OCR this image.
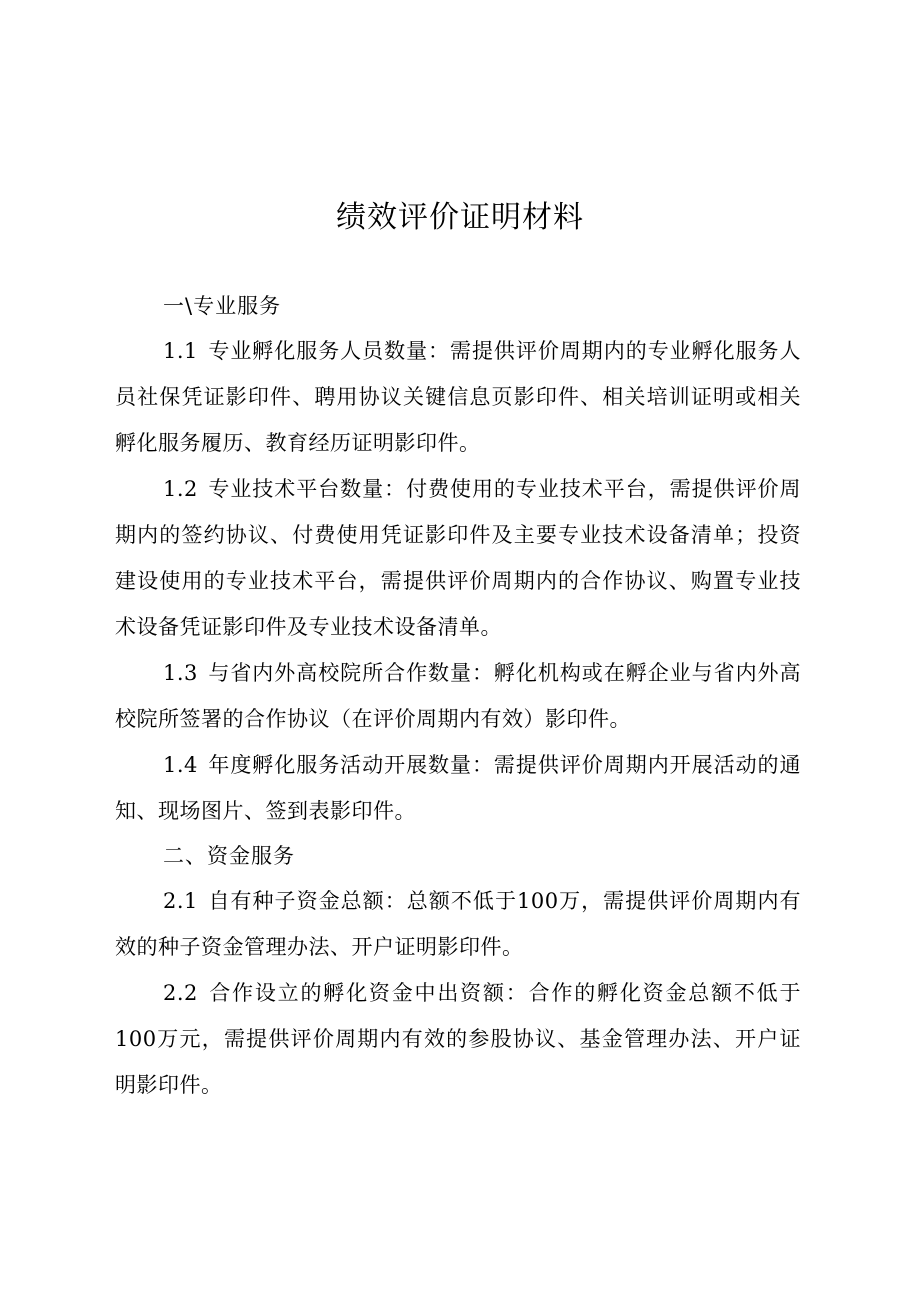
绩效评价证明材料
一\专业服务

1.1 专业孵化服务人员数量：需提供评价周期内的专业孵化服务人员社保凭证影印件、聘用协议关键信息页影印件、相关培训证明或相关孵化服务履历、教育经历证明影印件。

1.2 专业技术平台数量：付费使用的专业技术平台，需提供评价周期内的签约协议、付费使用凭证影印件及主要专业技术设备清单；投资建设使用的专业技术平台，需提供评价周期内的合作协议、购置专业技术设备凭证影印件及专业技术设备清单。

1.3 与省内外高校院所合作数量：孵化机构或在孵企业与省内外高校院所签署的合作协议（在评价周期内有效）影印件。

1.4 年度孵化服务活动开展数量：需提供评价周期内开展活动的通知、现场图片、签到表影印件。

二、资金服务

2.1 自有种子资金总额：总额不低于100万，需提供评价周期内有效的种子资金管理办法、开户证明影印件。

2.2 合作设立的孵化资金中出资额：合作的孵化资金总额不低于100万元，需提供评价周期内有效的参股协议、基金管理办法、开户证明影印件。
